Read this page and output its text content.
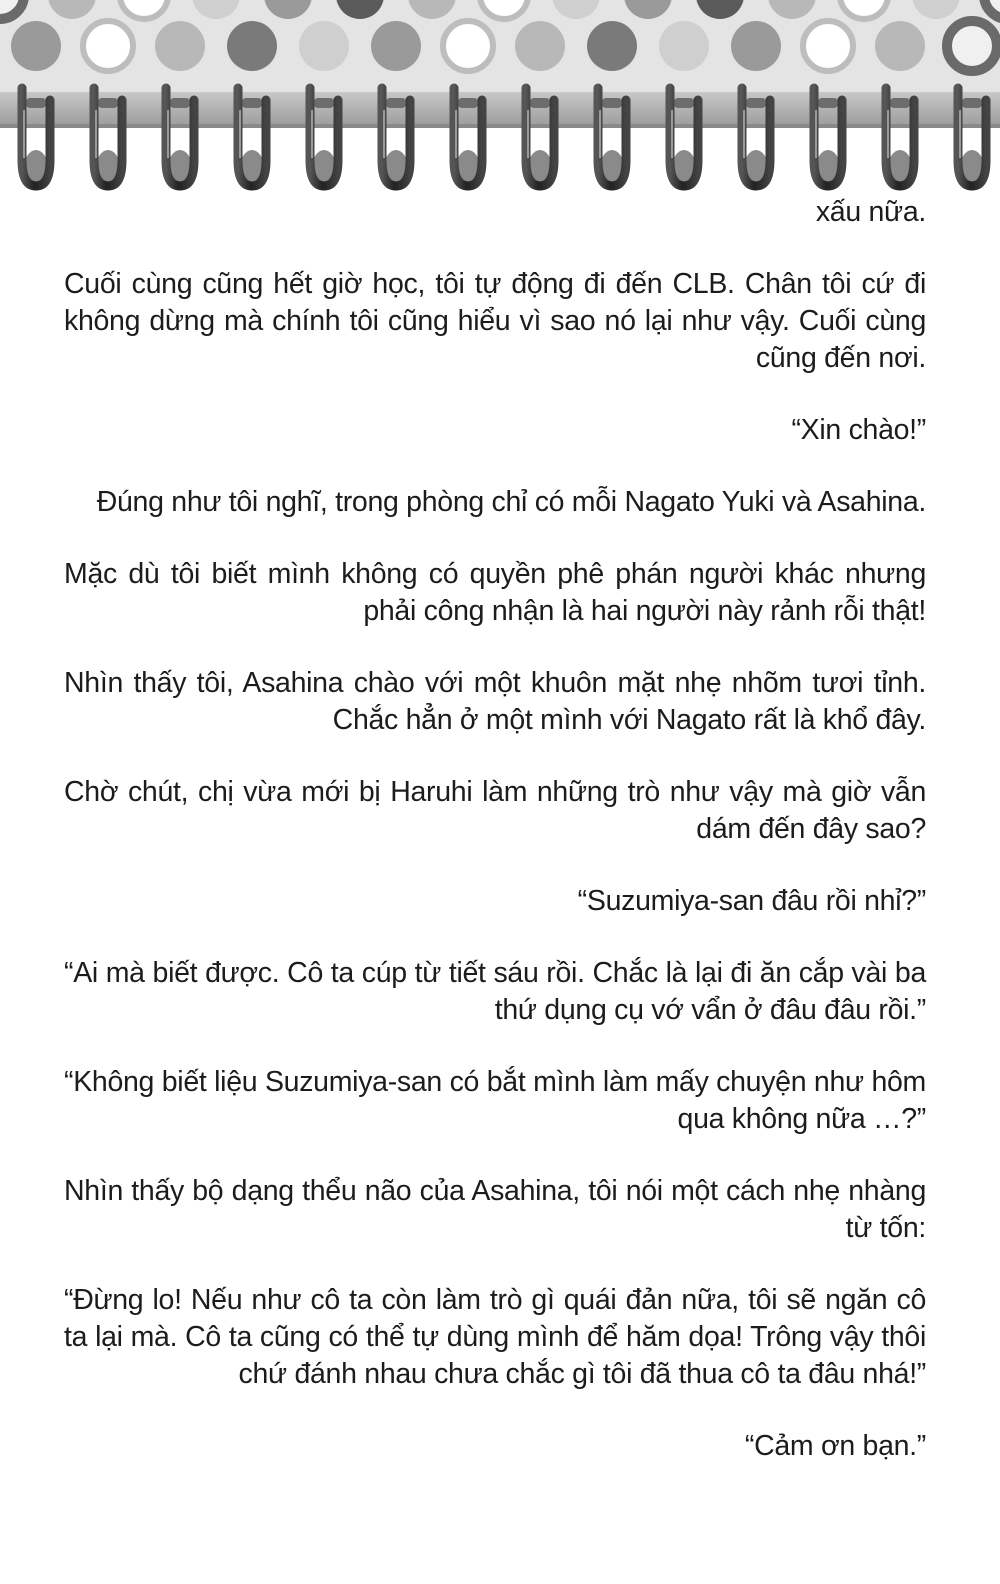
xấu nữa.

Cuối cùng cũng hết giờ học, tôi tự động đi đến CLB. Chân tôi cứ đi không dừng mà chính tôi cũng hiểu vì sao nó lại như vậy. Cuối cùng cũng đến nơi.

“Xin chào!”

Đúng như tôi nghĩ, trong phòng chỉ có mỗi Nagato Yuki và Asahina.

Mặc dù tôi biết mình không có quyền phê phán người khác nhưng phải công nhận là hai người này rảnh rỗi thật!

Nhìn thấy tôi, Asahina chào với một khuôn mặt nhẹ nhõm tươi tỉnh. Chắc hẳn ở một mình với Nagato rất là khổ đây.

Chờ chút, chị vừa mới bị Haruhi làm những trò như vậy mà giờ vẫn dám đến đây sao?

“Suzumiya-san đâu rồi nhỉ?”

“Ai mà biết được. Cô ta cúp từ tiết sáu rồi. Chắc là lại đi ăn cắp vài ba thứ dụng cụ vớ vẩn ở đâu đâu rồi.”

“Không biết liệu Suzumiya-san có bắt mình làm mấy chuyện như hôm qua không nữa …?”

Nhìn thấy bộ dạng thểu não của Asahina, tôi nói một cách nhẹ nhàng từ tốn:

“Đừng lo! Nếu như cô ta còn làm trò gì quái đản nữa, tôi sẽ ngăn cô ta lại mà. Cô ta cũng có thể tự dùng mình để hăm dọa! Trông vậy thôi chứ đánh nhau chưa chắc gì tôi đã thua cô ta đâu nhá!”

“Cảm ơn bạn.”
